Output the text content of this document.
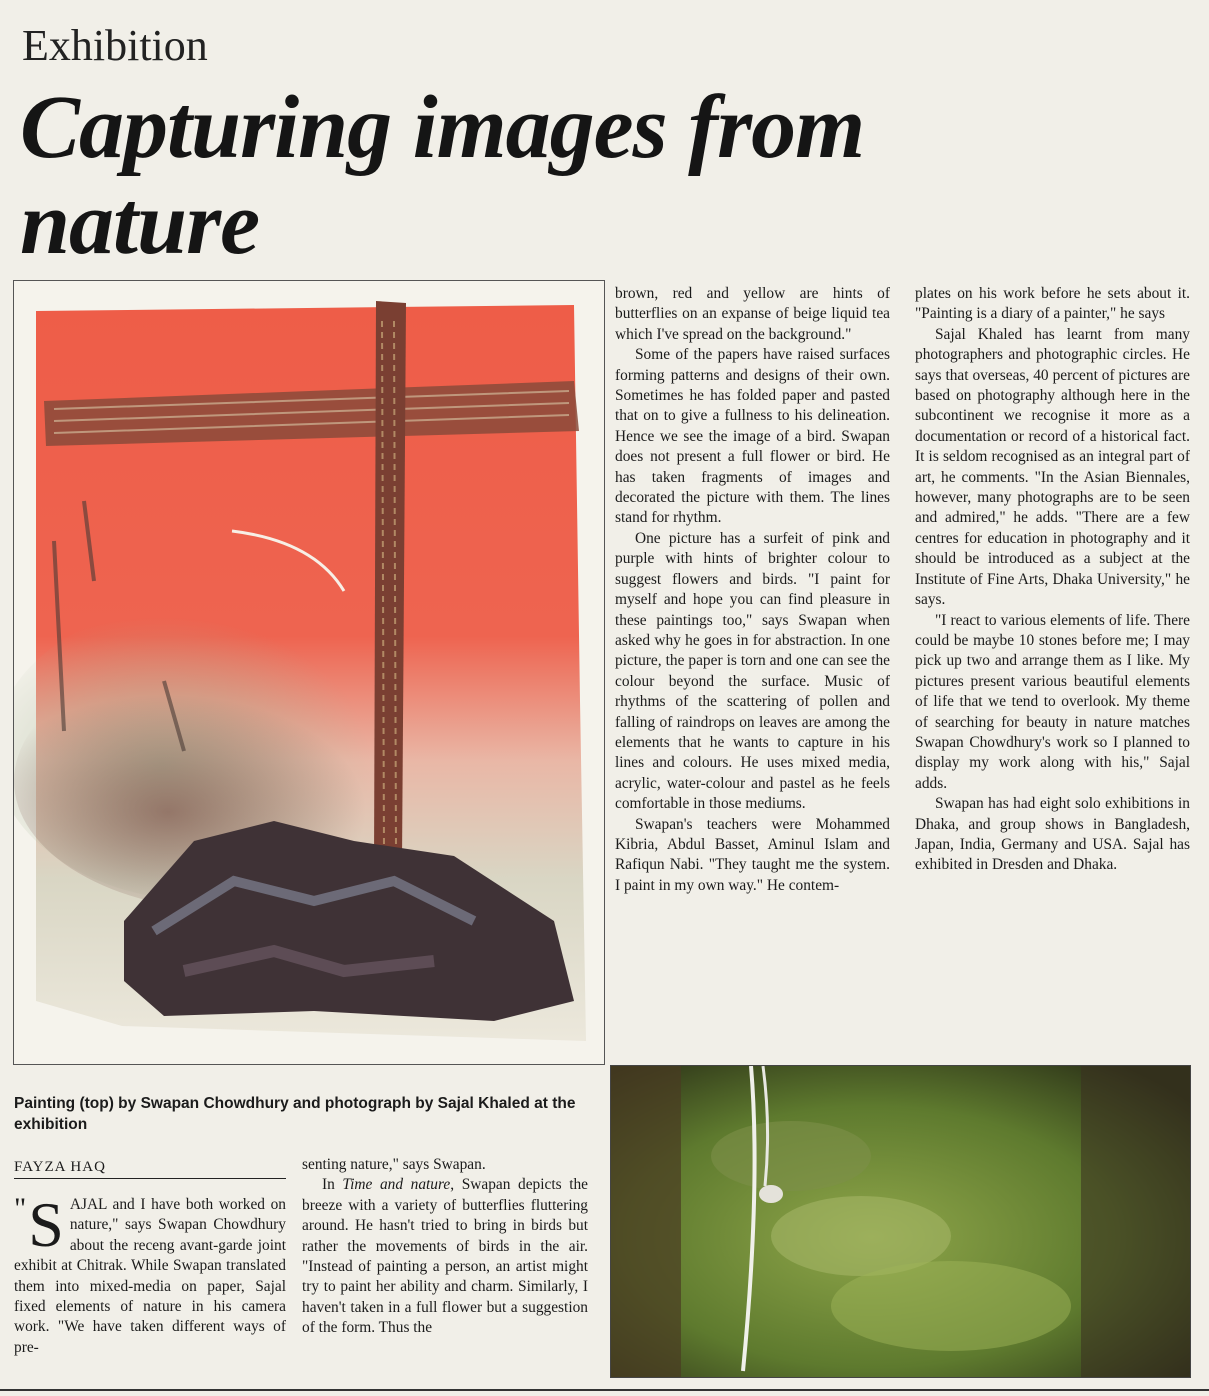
Exhibition
Capturing images from nature
Painting (top) by Swapan Chowdhury and photograph by Sajal Khaled at the exhibition
FAYZA HAQ

" S AJAL and I have both worked on nature," says Swapan Chowdhury about the receng avant-garde joint exhibit at Chitrak. While Swapan translated them into mixed-media on paper, Sajal fixed elements of nature in his camera work. "We have taken different ways of pre-

senting nature," says Swapan.

In Time and nature, Swapan depicts the breeze with a variety of butterflies fluttering around. He hasn't tried to bring in birds but rather the movements of birds in the air. "Instead of painting a person, an artist might try to paint her ability and charm. Similarly, I haven't taken in a full flower but a suggestion of the form. Thus the

brown, red and yellow are hints of butterflies on an expanse of beige liquid tea which I've spread on the background."

Some of the papers have raised surfaces forming patterns and designs of their own. Sometimes he has folded paper and pasted that on to give a fullness to his delineation. Hence we see the image of a bird. Swapan does not present a full flower or bird. He has taken fragments of images and decorated the picture with them. The lines stand for rhythm.

One picture has a surfeit of pink and purple with hints of brighter colour to suggest flowers and birds. "I paint for myself and hope you can find pleasure in these paintings too," says Swapan when asked why he goes in for abstraction. In one picture, the paper is torn and one can see the colour beyond the surface. Music of rhythms of the scattering of pollen and falling of raindrops on leaves are among the elements that he wants to capture in his lines and colours. He uses mixed media, acrylic, water-colour and pastel as he feels comfortable in those mediums.

Swapan's teachers were Mohammed Kibria, Abdul Basset, Aminul Islam and Rafiqun Nabi. "They taught me the system. I paint in my own way." He contem-

plates on his work before he sets about it. "Painting is a diary of a painter," he says

Sajal Khaled has learnt from many photographers and photographic circles. He says that overseas, 40 percent of pictures are based on photography although here in the subcontinent we recognise it more as a documentation or record of a historical fact. It is seldom recognised as an integral part of art, he comments. "In the Asian Biennales, however, many photographs are to be seen and admired," he adds. "There are a few centres for education in photography and it should be introduced as a subject at the Institute of Fine Arts, Dhaka University," he says.

"I react to various elements of life. There could be maybe 10 stones before me; I may pick up two and arrange them as I like. My pictures present various beautiful elements of life that we tend to overlook. My theme of searching for beauty in nature matches Swapan Chowdhury's work so I planned to display my work along with his," Sajal adds.

Swapan has had eight solo exhibitions in Dhaka, and group shows in Bangladesh, Japan, India, Germany and USA. Sajal has exhibited in Dresden and Dhaka.
